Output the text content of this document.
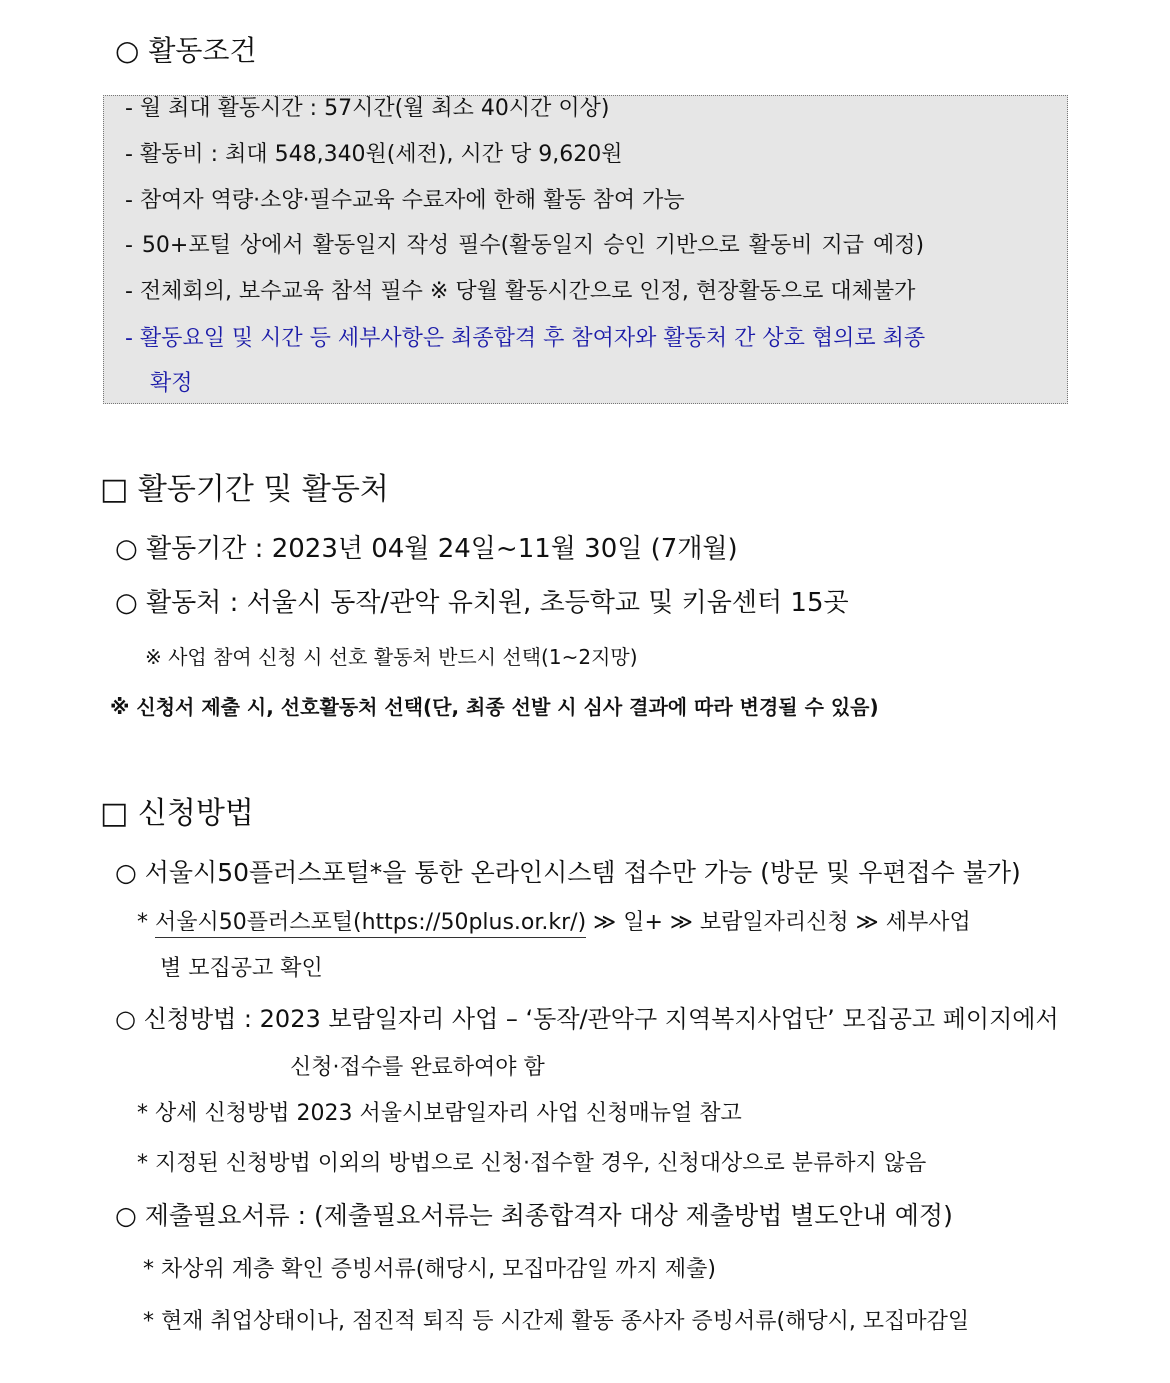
○ 활동조건
- 월 최대 활동시간 : 57시간(월 최소 40시간 이상)
- 활동비 : 최대 548,340원(세전), 시간 당 9,620원
- 참여자 역량·소양·필수교육 수료자에 한해 활동 참여 가능
- 50+포털 상에서 활동일지 작성 필수(활동일지 승인 기반으로 활동비 지급 예정)
- 전체회의, 보수교육 참석 필수 ※ 당월 활동시간으로 인정, 현장활동으로 대체불가
- 활동요일 및 시간 등 세부사항은 최종합격 후 참여자와 활동처 간 상호 협의로 최종
확정
□ 활동기간 및 활동처
○ 활동기간 : 2023년 04월 24일~11월 30일 (7개월)
○ 활동처 : 서울시 동작/관악 유치원, 초등학교 및 키움센터 15곳
※ 사업 참여 신청 시 선호 활동처 반드시 선택(1~2지망)
※ 신청서 제출 시, 선호활동처 선택(단, 최종 선발 시 심사 결과에 따라 변경될 수 있음)
□ 신청방법
○ 서울시50플러스포털*을 통한 온라인시스템 접수만 가능 (방문 및 우편접수 불가)
* 서울시50플러스포털(https://50plus.or.kr/) ≫ 일+ ≫ 보람일자리신청 ≫ 세부사업
별 모집공고 확인
○ 신청방법 : 2023 보람일자리 사업 – ‘동작/관악구 지역복지사업단’ 모집공고 페이지에서
신청·접수를 완료하여야 함
* 상세 신청방법 2023 서울시보람일자리 사업 신청매뉴얼 참고
* 지정된 신청방법 이외의 방법으로 신청·접수할 경우, 신청대상으로 분류하지 않음
○ 제출필요서류 : (제출필요서류는 최종합격자 대상 제출방법 별도안내 예정)
* 차상위 계층 확인 증빙서류(해당시, 모집마감일 까지 제출)
* 현재 취업상태이나, 점진적 퇴직 등 시간제 활동 종사자 증빙서류(해당시, 모집마감일
